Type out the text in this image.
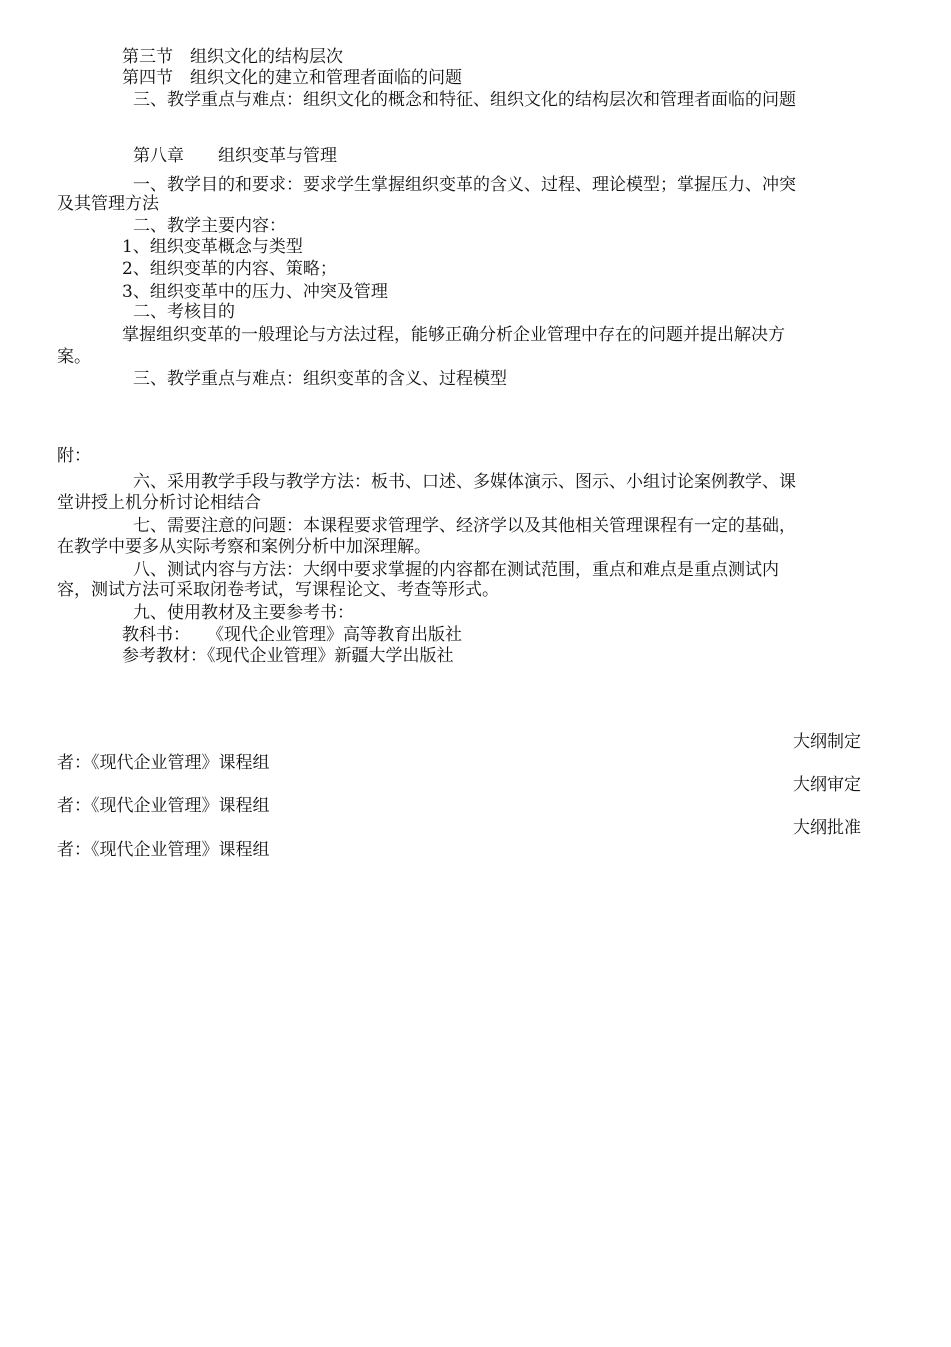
第三节　组织文化的结构层次
第四节　组织文化的建立和管理者面临的问题
三、教学重点与难点：组织文化的概念和特征、组织文化的结构层次和管理者面临的问题
第八章　　组织变革与管理
一、教学目的和要求：要求学生掌握组织变革的含义、过程、理论模型；掌握压力、冲突
及其管理方法
二、教学主要内容：
1、组织变革概念与类型
2、组织变革的内容、策略；
3、组织变革中的压力、冲突及管理
二、考核目的
掌握组织变革的一般理论与方法过程，能够正确分析企业管理中存在的问题并提出解决方
案。
三、教学重点与难点：组织变革的含义、过程模型
附：
六、采用教学手段与教学方法：板书、口述、多媒体演示、图示、小组讨论案例教学、课
堂讲授上机分析讨论相结合
七、需要注意的问题：本课程要求管理学、经济学以及其他相关管理课程有一定的基础，
在教学中要多从实际考察和案例分析中加深理解。
八、测试内容与方法：大纲中要求掌握的内容都在测试范围，重点和难点是重点测试内
容，测试方法可采取闭卷考试，写课程论文、考查等形式。
九、使用教材及主要参考书：
教科书：　　《现代企业管理》高等教育出版社
参考教材：《现代企业管理》新疆大学出版社
大纲制定
者：《现代企业管理》课程组
大纲审定
者：《现代企业管理》课程组
大纲批准
者：《现代企业管理》课程组
